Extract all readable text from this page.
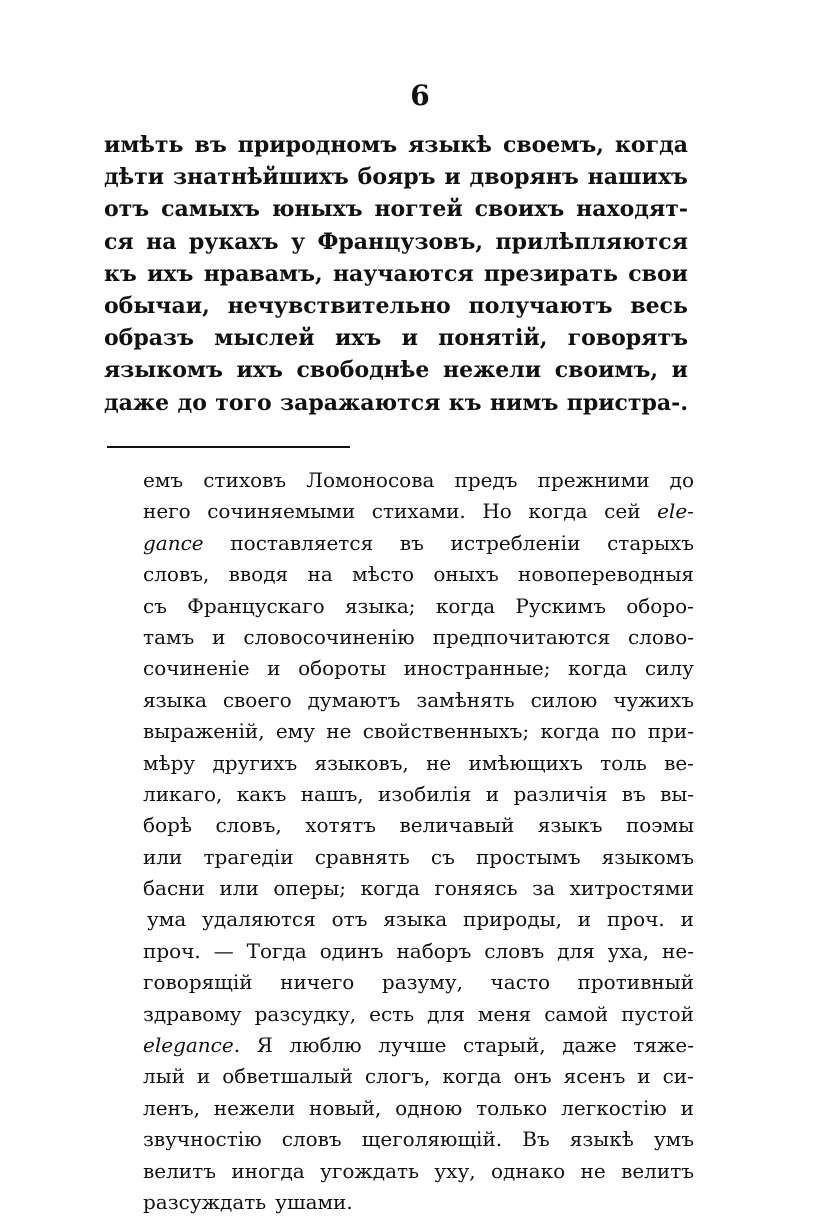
6
имѣть въ природномъ языкѣ своемъ, когда
дѣти знатнѣйшихъ бояръ и дворянъ нашихъ
отъ самыхъ юныхъ ногтей своихъ находят-
ся на рукахъ у Французовъ, прилѣпляются
къ ихъ нравамъ, научаются презирать свои
обычаи, нечувствительно получаютъ весь
образъ мыслей ихъ и понятій, говорятъ
языкомъ ихъ свободнѣе нежели своимъ, и
даже до того заражаются къ нимъ пристра-.
емъ стиховъ Ломоносова предъ прежними до
него сочиняемыми стихами. Но когда сей ele-
gance поставляется въ истребленіи старыхъ
словъ, вводя на мѣсто оныхъ новопереводныя
съ Францускаго языка; когда Рускимъ оборо-
тамъ и словосочиненію предпочитаются слово-
сочиненіе и обороты иностранные; когда силу
языка своего думаютъ замѣнять силою чужихъ
выраженій, ему не свойственныхъ; когда по при-
мѣру другихъ языковъ, не имѣющихъ толь ве-
ликаго, какъ нашъ, изобилія и различія въ вы-
борѣ словъ, хотятъ величавый языкъ поэмы
или трагедіи сравнять съ простымъ языкомъ
басни или оперы; когда гоняясь за хитростями
ума удаляются отъ языка природы, и проч. и
проч. — Тогда одинъ наборъ словъ для уха, не-
говорящій ничего разуму, часто противный
здравому разсудку, есть для меня самой пустой
elegance. Я люблю лучше старый, даже тяже-
лый и обветшалый слогъ, когда онъ ясенъ и си-
ленъ, нежели новый, одною только легкостію и
звучностію словъ щеголяющій. Въ языкѣ умъ
велитъ иногда угождать уху, однако не велитъ
разсуждать ушами.
